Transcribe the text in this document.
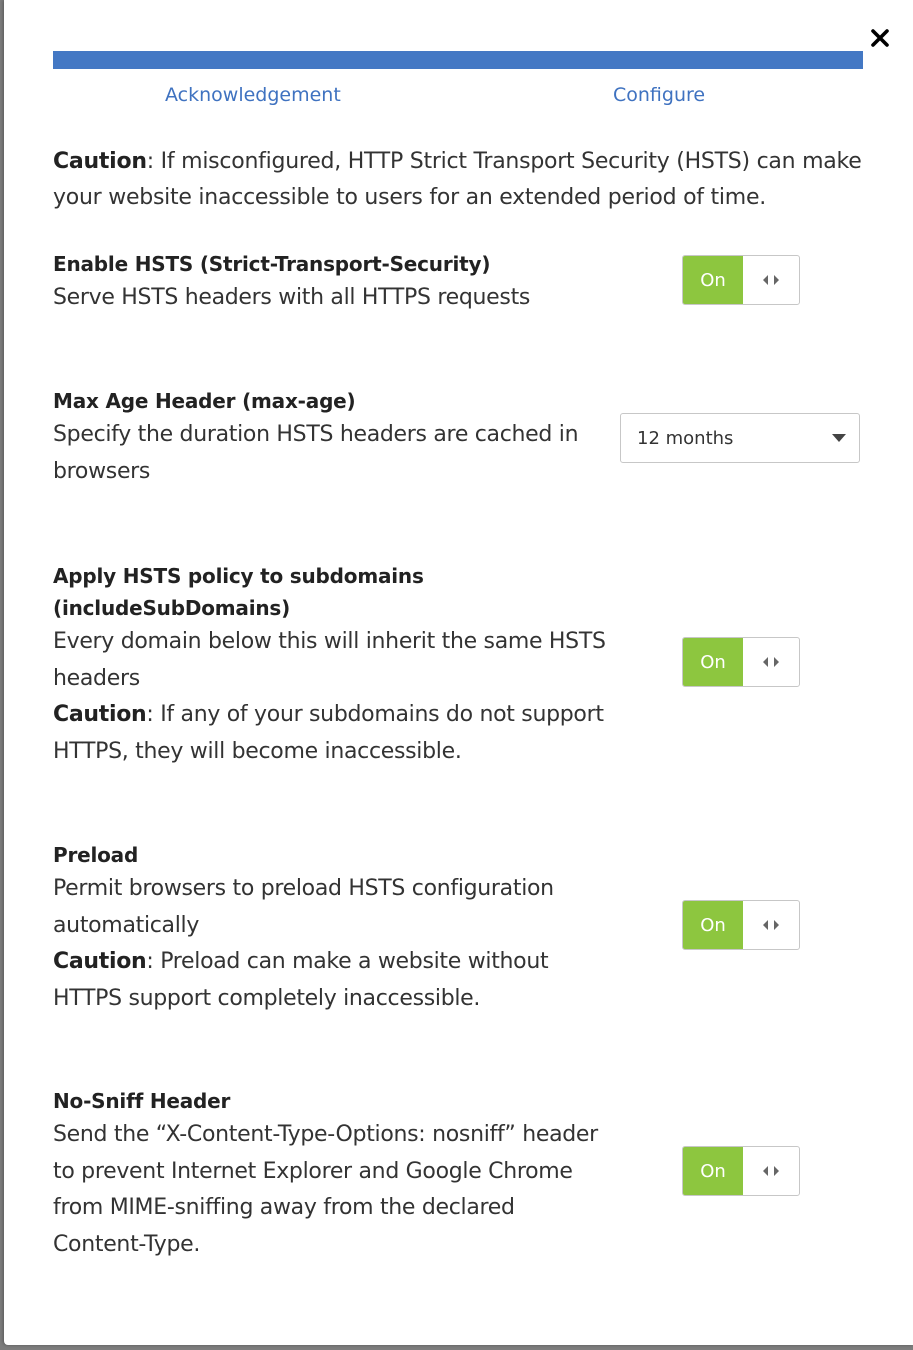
Acknowledgement	Configure
Caution: If misconfigured, HTTP Strict Transport Security (HSTS) can make your website inaccessible to users for an extended period of time.
Enable HSTS (Strict-Transport-Security)
Serve HSTS headers with all HTTPS requests
On
Max Age Header (max-age)
Specify the duration HSTS headers are cached in browsers
12 months
Apply HSTS policy to subdomains (includeSubDomains)
Every domain below this will inherit the same HSTS headers
Caution: If any of your subdomains do not support HTTPS, they will become inaccessible.
On
Preload
Permit browsers to preload HSTS configuration automatically
Caution: Preload can make a website without HTTPS support completely inaccessible.
On
No-Sniff Header
Send the “X-Content-Type-Options: nosniff” header to prevent Internet Explorer and Google Chrome from MIME-sniffing away from the declared Content-Type.
On
